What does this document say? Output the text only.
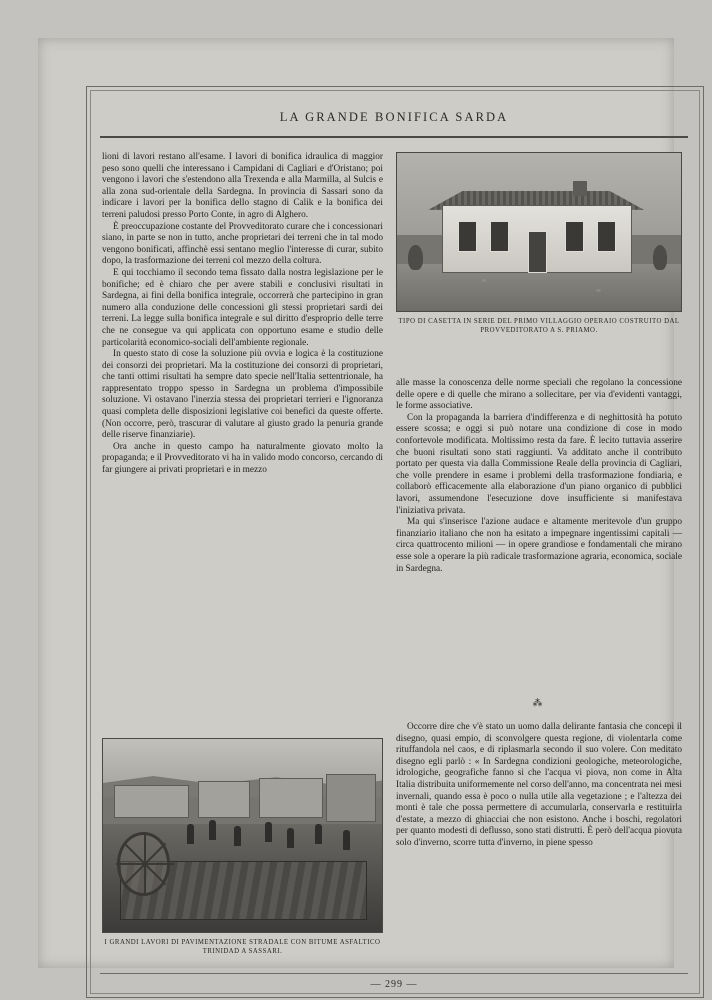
LA GRANDE BONIFICA SARDA

lioni di lavori restano all'esame. I lavori di bonifica idraulica di maggior peso sono quelli che interessano i Campidani di Cagliari e d'Oristano; poi vengono i lavori che s'estendono alla Trexenda e alla Marmilla, al Sulcis e alla zona sud-orientale della Sardegna. In provincia di Sassari sono da indicare i lavori per la bonifica dello stagno di Calik e la bonifica dei terreni paludosi presso Porto Conte, in agro di Alghero.

È preoccupazione costante del Provveditorato curare che i concessionari siano, in parte se non in tutto, anche proprietari dei terreni che in tal modo vengono bonificati, affinchè essi sentano meglio l'interesse di curar, subito dopo, la trasformazione dei terreni col mezzo della coltura.

E qui tocchiamo il secondo tema fissato dalla nostra legislazione per le bonifiche; ed è chiaro che per avere stabili e conclusivi risultati in Sardegna, ai fini della bonifica integrale, occorrerà che partecipino in gran numero alla conduzione delle concessioni gli stessi proprietari sardi dei terreni. La legge sulla bonifica integrale e sul diritto d'esproprio delle terre che ne consegue va qui applicata con opportuno esame e studio delle particolarità economico-sociali dell'ambiente regionale.

In questo stato di cose la soluzione più ovvia e logica è la costituzione dei consorzi dei proprietari. Ma la costituzione dei consorzi di proprietari, che tanti ottimi risultati ha sempre dato specie nell'Italia settentrionale, ha rappresentato troppo spesso in Sardegna un problema d'impossibile soluzione. Vi ostavano l'inerzia stessa dei proprietari terrieri e l'ignoranza quasi completa delle disposizioni legislative coi benefici da queste offerte. (Non occorre, però, trascurar di valutare al giusto grado la penuria grande delle riserve finanziarie).

Ora anche in questo campo ha naturalmente giovato molto la propaganda; e il Provveditorato vi ha in valido modo concorso, cercando di far giungere ai privati proprietari e in mezzo

TIPO DI CASETTA IN SERIE DEL PRIMO VILLAGGIO OPERAIO COSTRUITO DAL PROVVEDITORATO A S. PRIAMO.

alle masse la conoscenza delle norme speciali che regolano la concessione delle opere e di quelle che mirano a sollecitare, per via d'evidenti vantaggi, le forme associative.

Con la propaganda la barriera d'indifferenza e di neghittosità ha potuto essere scossa; e oggi si può notare una condizione di cose in modo confortevole modificata. Moltissimo resta da fare. È lecito tuttavia asserire che buoni risultati sono stati raggiunti. Va additato anche il contributo portato per questa via dalla Commissione Reale della provincia di Cagliari, che volle prendere in esame i problemi della trasformazione fondiaria, e collaborò efficacemente alla elaborazione d'un piano organico di pubblici lavori, assumendone l'esecuzione dove insufficiente si manifestava l'iniziativa privata.

Ma qui s'inserisce l'azione audace e altamente meritevole d'un gruppo finanziario italiano che non ha esitato a impegnare ingentissimi capitali — circa quattrocento milioni — in opere grandiose e fondamentali che mirano esse sole a operare la più radicale trasformazione agraria, economica, sociale in Sardegna.

⁂

Occorre dire che v'è stato un uomo dalla delirante fantasia che concepì il disegno, quasi empio, di sconvolgere questa regione, di violentarla come rituffandola nel caos, e di riplasmarla secondo il suo volere. Con meditato disegno egli parlò : « In Sardegna condizioni geologiche, meteorologiche, idrologiche, geografiche fanno sì che l'acqua vi piova, non come in Alta Italia distribuita uniformemente nel corso dell'anno, ma concentrata nei mesi invernali, quando essa è poco o nulla utile alla vegetazione ; e l'altezza dei monti è tale che possa permettere di accumularla, conservarla e restituirla d'estate, a mezzo di ghiacciai che non esistono. Anche i boschi, regolatori per quanto modesti di deflusso, sono stati distrutti. È però dell'acqua piovuta solo d'inverno, scorre tutta d'inverno, in piene spesso

I GRANDI LAVORI DI PAVIMENTAZIONE STRADALE CON BITUME ASFALTICO TRINIDAD A SASSARI.
— 299 —
